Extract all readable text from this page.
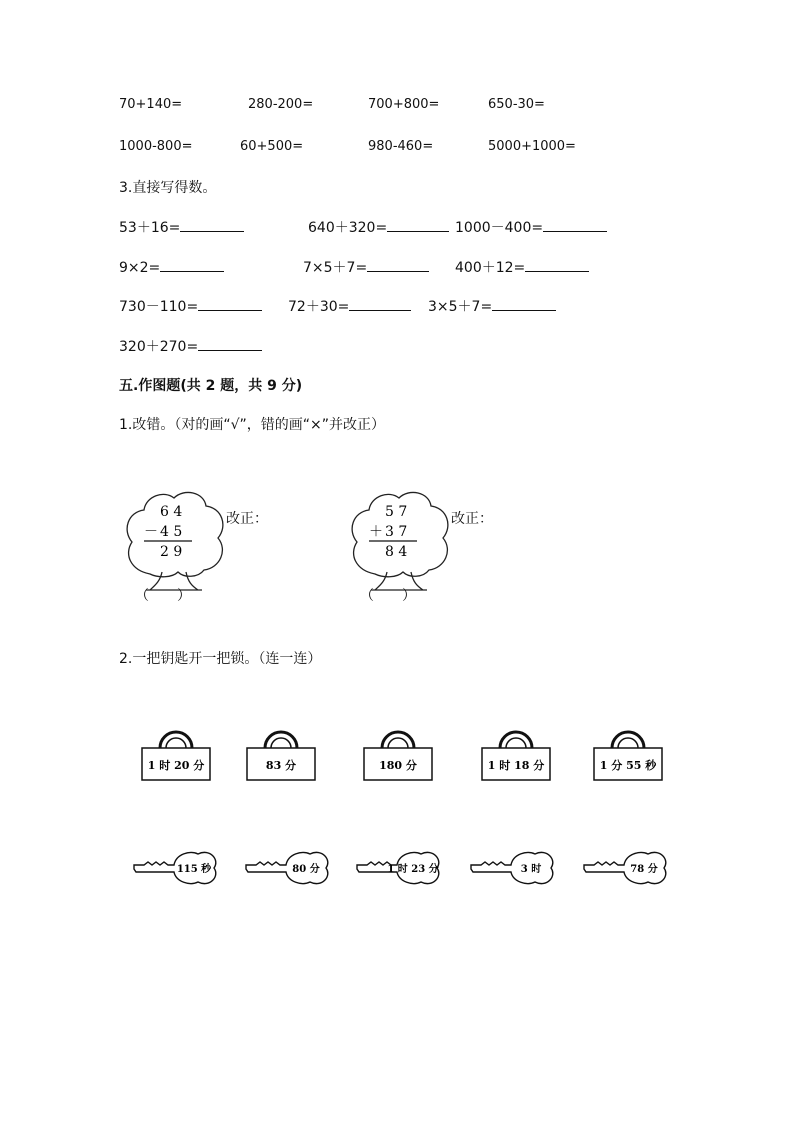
70+140=	280-200=	700+800=	650-30=
1000-800=	60+500=	980-460=	5000+1000=
3.直接写得数。
53＋16=	640＋320=	1000－400=
9×2=	7×5＋7=	400＋12=
730－110=	72＋30=	3×5＋7=
320＋270=
五.作图题(共 2 题，共 9 分)
1.改错。（对的画“√”，错的画“×”并改正）
6 4
－ 4 5
2 9
（　　）
改正：	5 7
＋ 3 7
8 4
（　　）
改正：
2.一把钥匙开一把锁。（连一连）
1 时 20 分	83 分	180 分	1 时 18 分	1 分 55 秒
115 秒	80 分	1 时 23 分	3 时	78 分
